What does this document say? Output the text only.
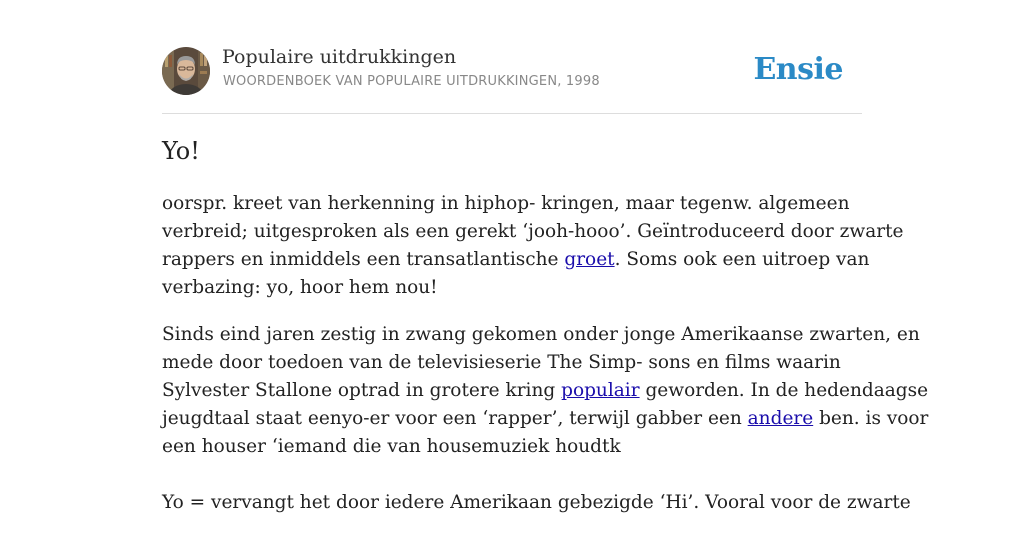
Populaire uitdrukkingen
WOORDENBOEK VAN POPULAIRE UITDRUKKINGEN, 1998	Ensie
Yo!

oorspr. kreet van herkenning in hiphop- kringen, maar tegenw. algemeen
verbreid; uitgesproken als een gerekt ‘jooh-hooo’. Geïntroduceerd door zwarte
rappers en inmiddels een transatlantische groet. Soms ook een uitroep van
verbazing: yo, hoor hem nou!

Sinds eind jaren zestig in zwang gekomen onder jonge Amerikaanse zwarten, en
mede door toedoen van de televisieserie The Simp- sons en films waarin
Sylvester Stallone optrad in grotere kring populair geworden. In de hedendaagse
jeugdtaal staat eenyo-er voor een ‘rapper’, terwijl gabber een andere ben. is voor
een houser ‘iemand die van housemuziek houdtk
Yo = vervangt het door iedere Amerikaan gebezigde ‘Hi’. Vooral voor de zwarte
